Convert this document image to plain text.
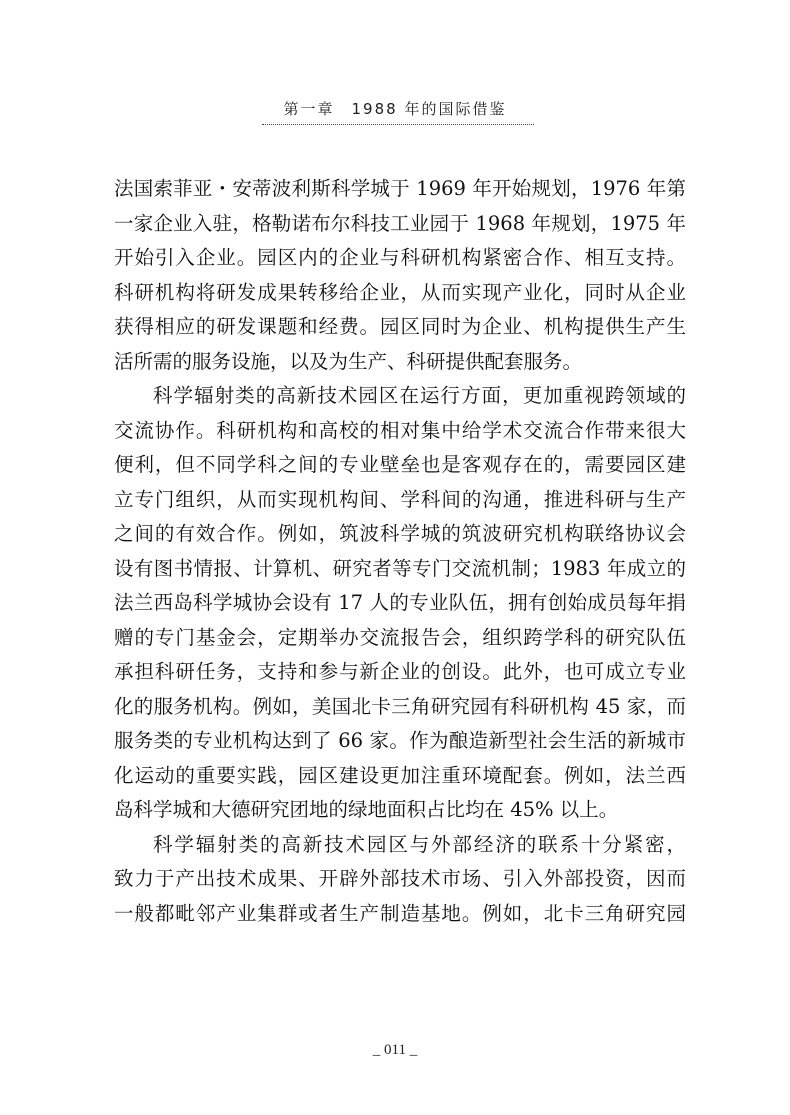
第一章　1988 年的国际借鉴
法国索菲亚・安蒂波利斯科学城于 1969 年开始规划，1976 年第
一家企业入驻，格勒诺布尔科技工业园于 1968 年规划，1975 年
开始引入企业。园区内的企业与科研机构紧密合作、相互支持。
科研机构将研发成果转移给企业，从而实现产业化，同时从企业
获得相应的研发课题和经费。园区同时为企业、机构提供生产生
活所需的服务设施，以及为生产、科研提供配套服务。
科学辐射类的高新技术园区在运行方面，更加重视跨领域的
交流协作。科研机构和高校的相对集中给学术交流合作带来很大
便利，但不同学科之间的专业壁垒也是客观存在的，需要园区建
立专门组织，从而实现机构间、学科间的沟通，推进科研与生产
之间的有效合作。例如，筑波科学城的筑波研究机构联络协议会
设有图书情报、计算机、研究者等专门交流机制；1983 年成立的
法兰西岛科学城协会设有 17 人的专业队伍，拥有创始成员每年捐
赠的专门基金会，定期举办交流报告会，组织跨学科的研究队伍
承担科研任务，支持和参与新企业的创设。此外，也可成立专业
化的服务机构。例如，美国北卡三角研究园有科研机构 45 家，而
服务类的专业机构达到了 66 家。作为酿造新型社会生活的新城市
化运动的重要实践，园区建设更加注重环境配套。例如，法兰西
岛科学城和大德研究团地的绿地面积占比均在 45% 以上。
科学辐射类的高新技术园区与外部经济的联系十分紧密，
致力于产出技术成果、开辟外部技术市场、引入外部投资，因而
一般都毗邻产业集群或者生产制造基地。例如，北卡三角研究园
_ 011 _
